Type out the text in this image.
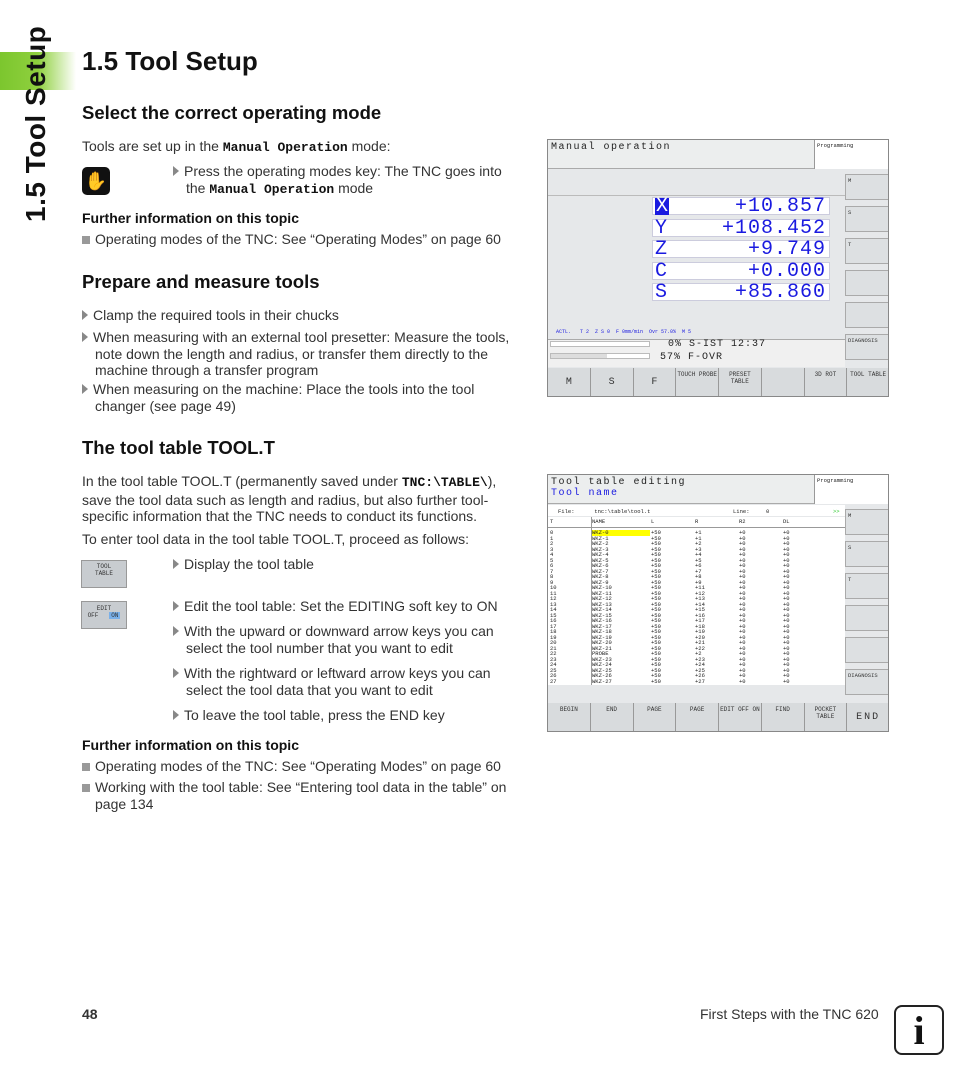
1.5 Tool Setup 1.5 Tool Setup
Select the correct operating mode
Tools are set up in the Manual Operation mode:
✋	Press the operating modes key: The TNC goes into the Manual Operation mode
Further information on this topic
Operating modes of the TNC: See “Operating Modes” on page 60
Prepare and measure tools
Clamp the required tools in their chucks
When measuring with an external tool presetter: Measure the tools, note down the length and radius, or transfer them directly to the machine through a transfer program
When measuring on the machine: Place the tools into the tool changer (see page 49)
The tool table TOOL.T
In the tool table TOOL.T (permanently saved under TNC:\TABLE\), save the tool data such as length and radius, but also further tool-specific information that the TNC needs to conduct its functions.
To enter tool data in the tool table TOOL.T, proceed as follows:
TOOL
TABLE
EDIT
OFF ON
Display the tool table
Edit the tool table: Set the EDITING soft key to ON
With the upward or downward arrow keys you can select the tool number that you want to edit
With the rightward or leftward arrow keys you can select the tool data that you want to edit
To leave the tool table, press the END key
Further information on this topic
Operating modes of the TNC: See “Operating Modes” on page 60
Working with the tool table: See “Entering tool data in the table” on page 134
Manual operation	Programming
X	+10.857
Y	+108.452
Z	+9.749
C	+0.000
S	+85.860
ACTL.   T 2  Z S 0  F 0mm/min  Ovr 57.0%  M 5
0% S-IST 12:37
57% F-OVR
M
S
T
DIAGNOSIS
M	S	F
TOUCH PROBE	PRESET TABLE
3D ROT	TOOL TABLE
Tool table editing
Tool name
Programming
File:	tnc:\table\tool.t	Line:	0	>>
T	NAME	L	R	R2	DL
0	WKZ-0	+50	+1	+0	+0
1	WKZ-1	+50	+1	+0	+0
2	WKZ-2	+50	+2	+0	+0
3	WKZ-3	+50	+3	+0	+0
4	WKZ-4	+50	+4	+0	+0
5	WKZ-5	+50	+5	+0	+0
6	WKZ-6	+50	+6	+0	+0
7	WKZ-7	+50	+7	+0	+0
8	WKZ-8	+50	+8	+0	+0
9	WKZ-9	+50	+9	+0	+0
10	WKZ-10	+50	+11	+0	+0
11	WKZ-11	+50	+12	+0	+0
12	WKZ-12	+50	+13	+0	+0
13	WKZ-13	+50	+14	+0	+0
14	WKZ-14	+50	+15	+0	+0
15	WKZ-15	+50	+16	+0	+0
16	WKZ-16	+50	+17	+0	+0
17	WKZ-17	+50	+18	+0	+0
18	WKZ-18	+50	+19	+0	+0
19	WKZ-19	+50	+20	+0	+0
20	WKZ-20	+50	+21	+0	+0
21	WKZ-21	+50	+22	+0	+0
22	PROBE	+50	+2	+0	+0
23	WKZ-23	+50	+23	+0	+0
24	WKZ-24	+50	+24	+0	+0
25	WKZ-25	+50	+25	+0	+0
26	WKZ-26	+50	+26	+0	+0
27	WKZ-27	+50	+27	+0	+0
M
S
T
DIAGNOSIS
BEGIN	END	PAGE	PAGE	EDIT OFF ON	FIND	POCKET TABLE	END
48	First Steps with the TNC 620 i
